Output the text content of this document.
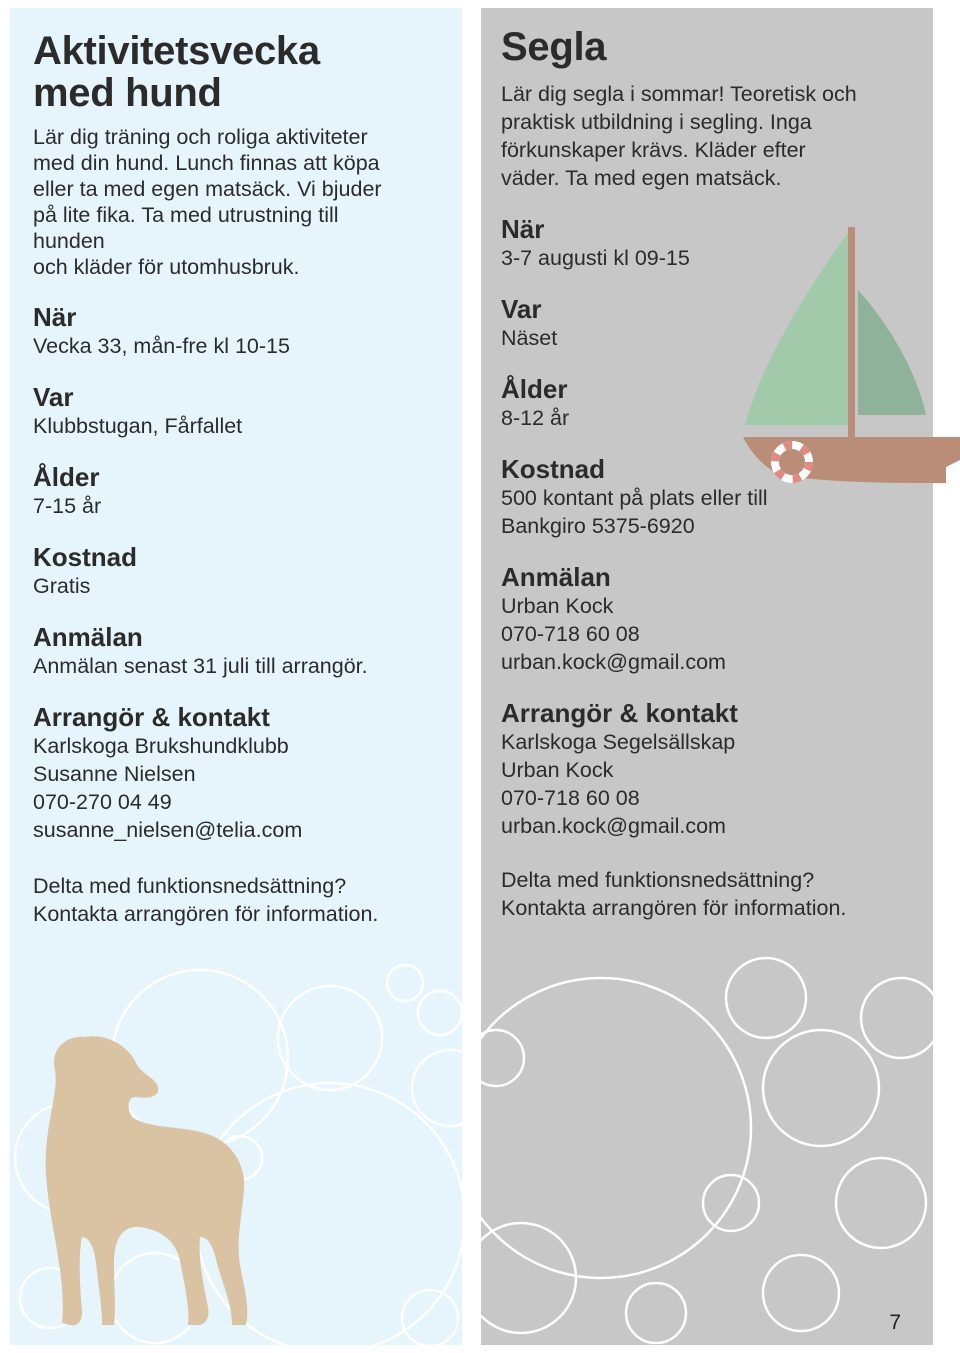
Aktivitetsvecka
med hund

Lär dig träning och roliga aktiviteter
med din hund. Lunch finnas att köpa
eller ta med egen matsäck. Vi bjuder
på lite fika. Ta med utrustning till
hunden
och kläder för utomhusbruk.

När
Vecka 33, mån-fre kl 10-15
Var
Klubbstugan, Fårfallet
Ålder
7-15 år
Kostnad
Gratis
Anmälan
Anmälan senast 31 juli till arrangör.
Arrangör & kontakt
Karlskoga Brukshundklubb
Susanne Nielsen
070-270 04 49
susanne_nielsen@telia.com
Delta med funktionsnedsättning?
Kontakta arrangören för information.
Segla

Lär dig segla i sommar! Teoretisk och
praktisk utbildning i segling. Inga
förkunskaper krävs. Kläder efter
väder. Ta med egen matsäck.

När
3-7 augusti kl 09-15
Var
Näset
Ålder
8-12 år
Kostnad
500 kontant på plats eller till
Bankgiro 5375-6920
Anmälan
Urban Kock
070-718 60 08
urban.kock@gmail.com
Arrangör & kontakt
Karlskoga Segelsällskap
Urban Kock
070-718 60 08
urban.kock@gmail.com
Delta med funktionsnedsättning?
Kontakta arrangören för information.
7
